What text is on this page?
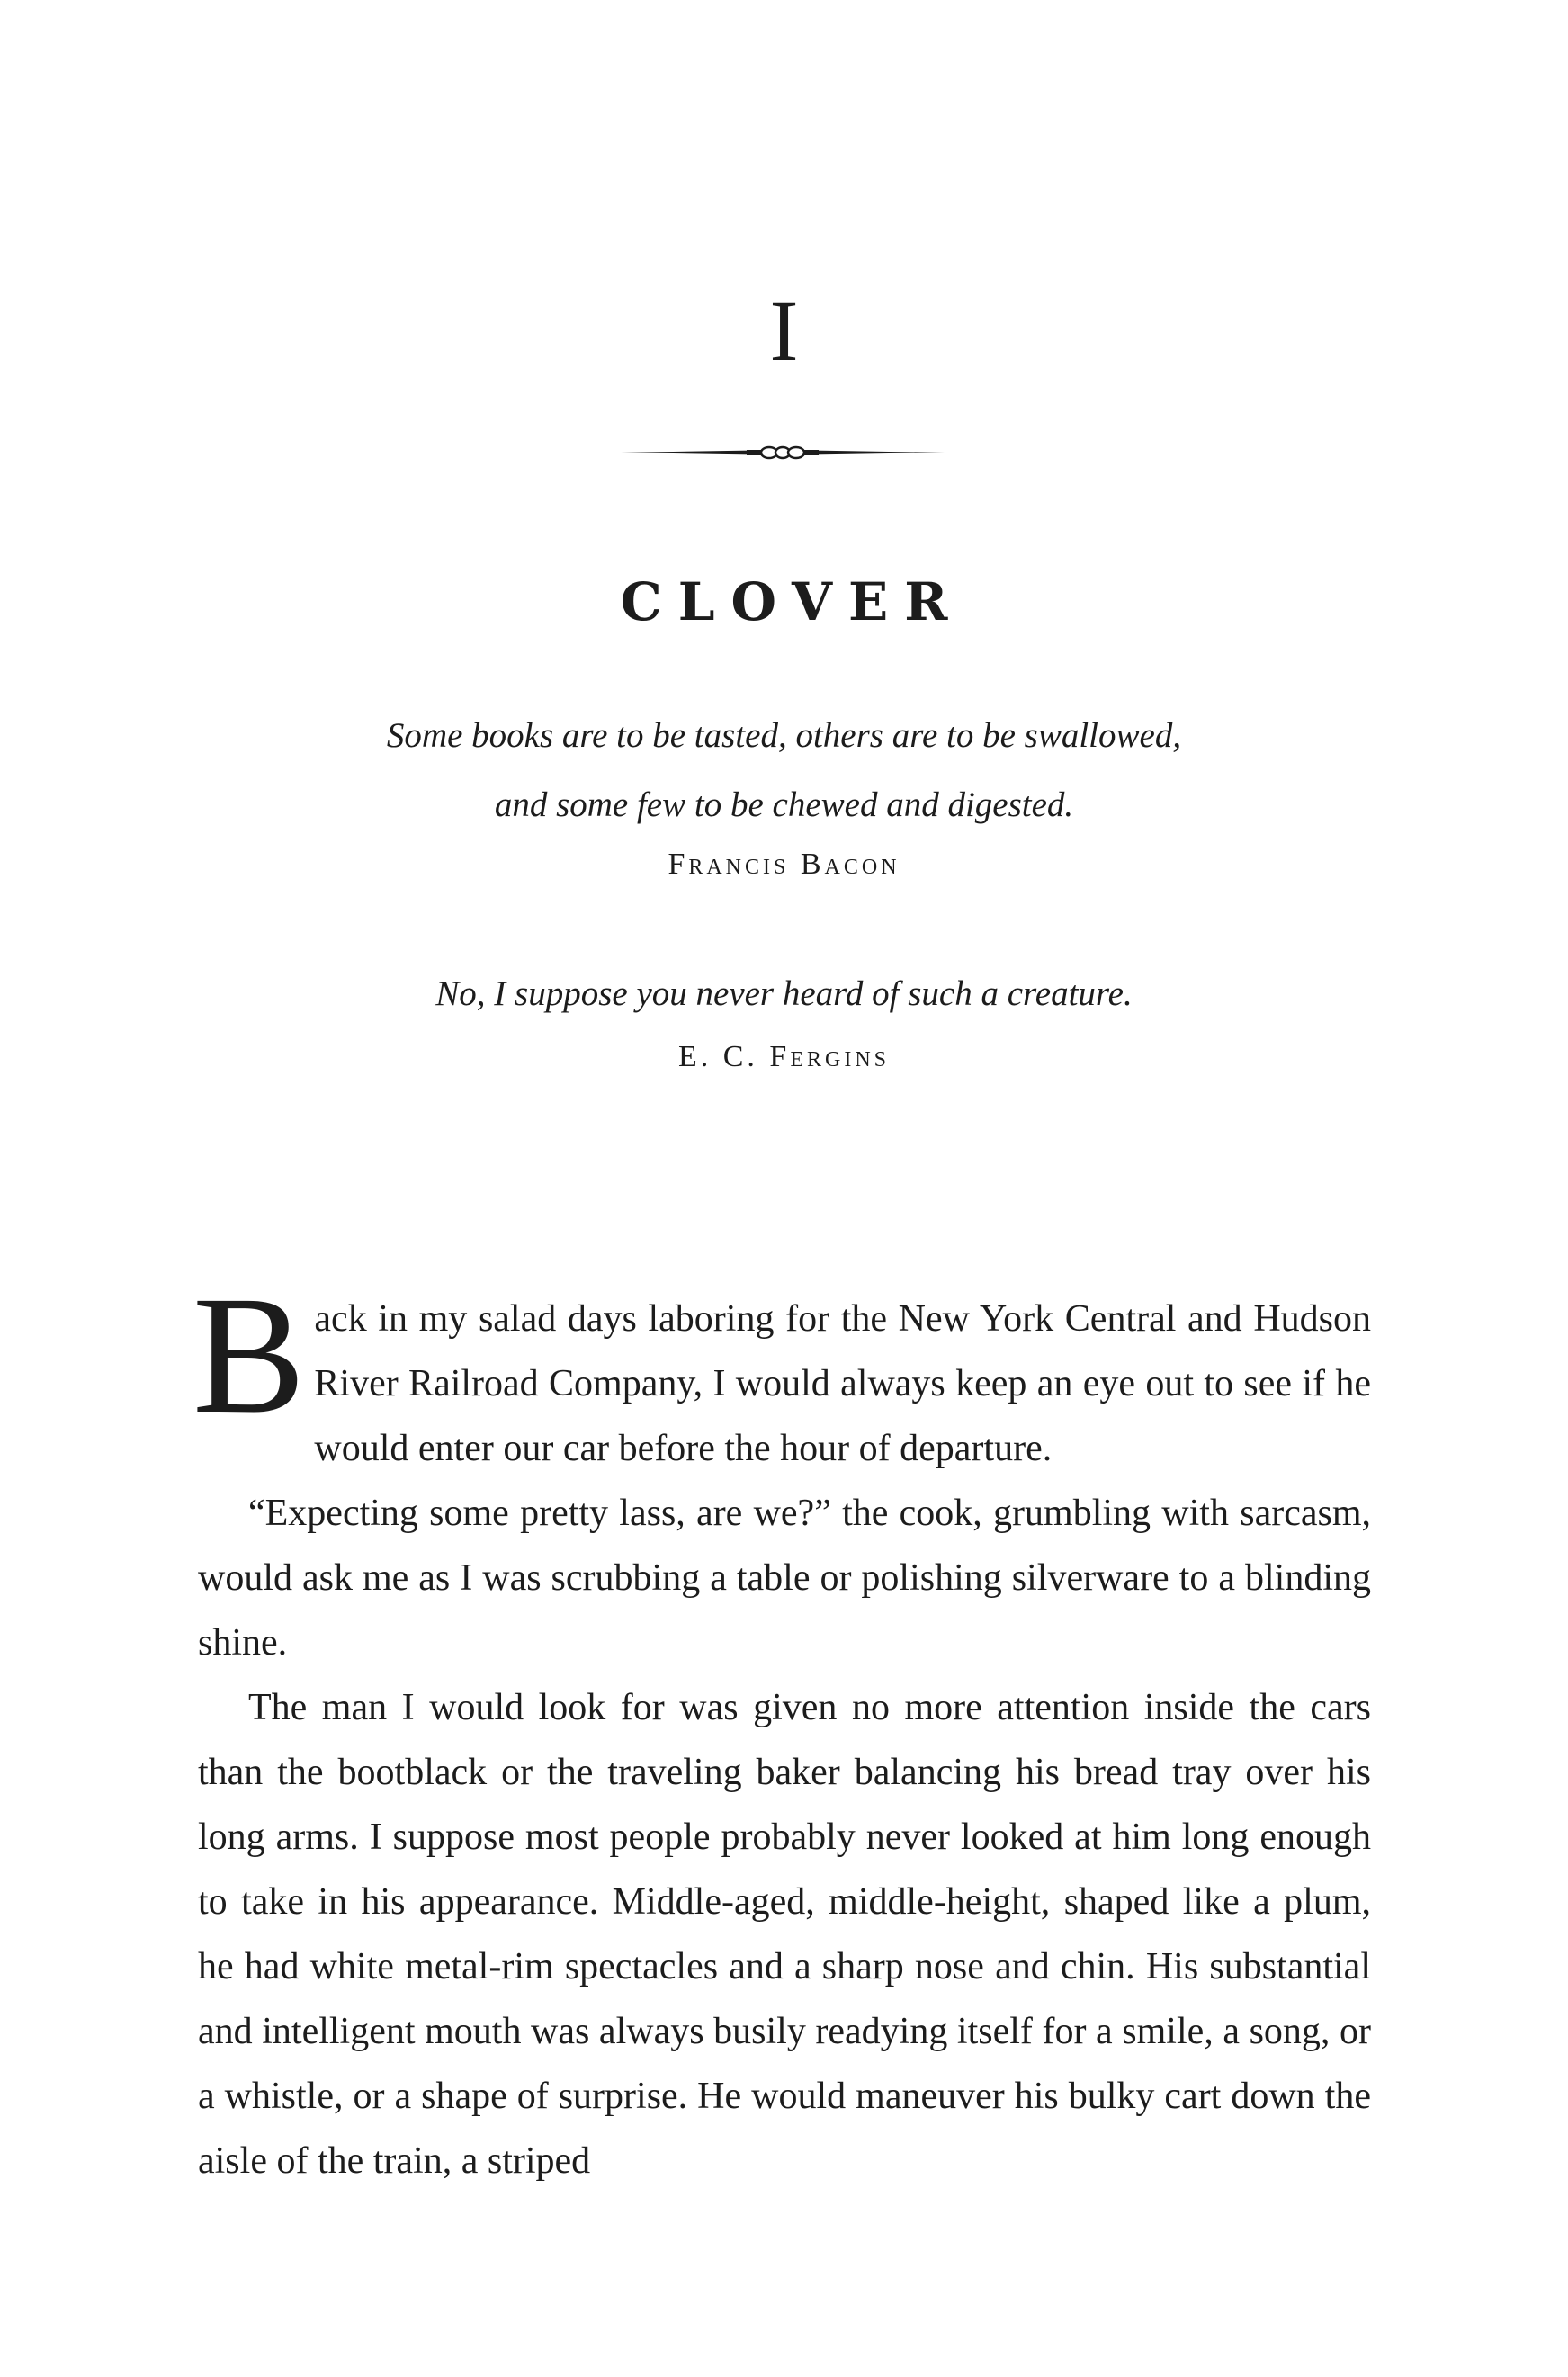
I
CLOVER

Some books are to be tasted, others are to be swallowed,

and some few to be chewed and digested.

Francis Bacon

No, I suppose you never heard of such a creature.

E. C. Fergins

Back in my salad days laboring for the New York Central and Hudson River Railroad Company, I would always keep an eye out to see if he would enter our car before the hour of departure.

“Expecting some pretty lass, are we?” the cook, grumbling with sarcasm, would ask me as I was scrubbing a table or polishing silverware to a blinding shine.

The man I would look for was given no more attention inside the cars than the bootblack or the traveling baker balancing his bread tray over his long arms. I suppose most people probably never looked at him long enough to take in his appearance. Middle-aged, middle-height, shaped like a plum, he had white metal-rim spectacles and a sharp nose and chin. His substantial and intelligent mouth was always busily readying itself for a smile, a song, or a whistle, or a shape of surprise. He would maneuver his bulky cart down the aisle of the train, a striped
